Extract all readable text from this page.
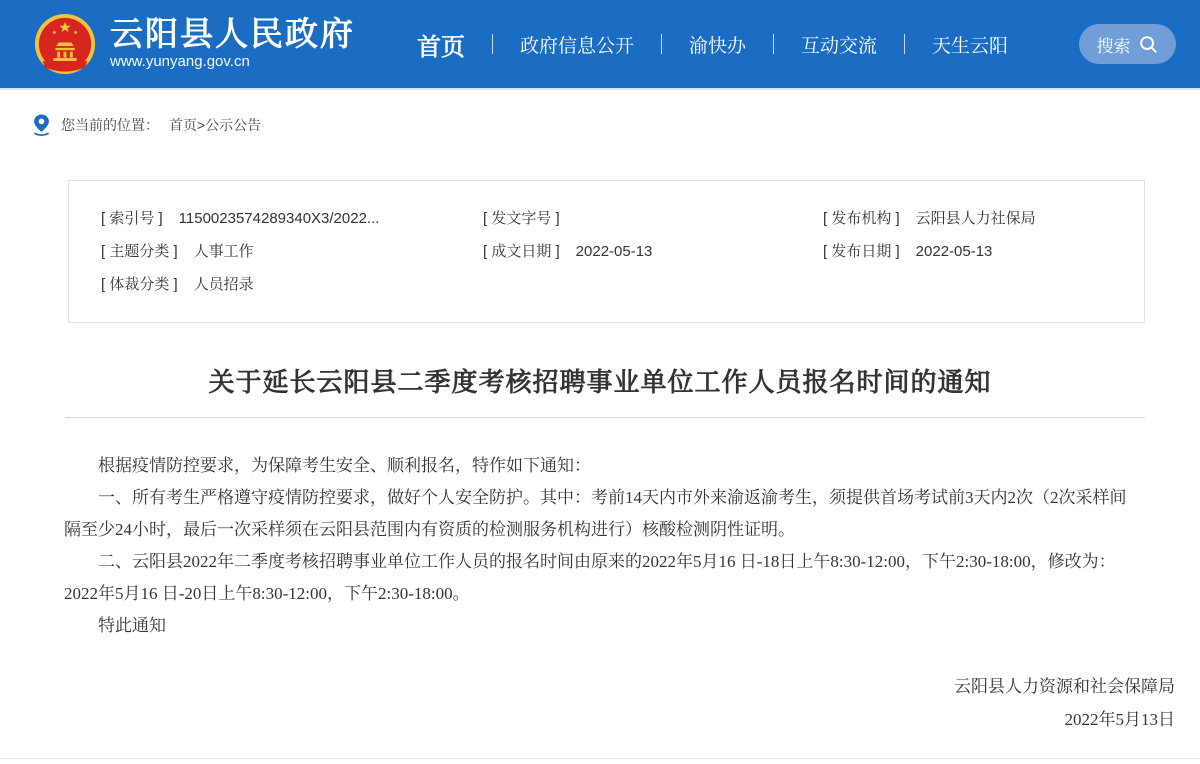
云阳县人民政府
www.yunyang.gov.cn
首页	政府信息公开	渝快办	互动交流	天生云阳	搜索
您当前的位置： 首页>公示公告
[ 索引号 ] 1150023574289340X3/2022...	[ 发文字号 ]	[ 发布机构 ] 云阳县人力社保局
[ 主题分类 ] 人事工作	[ 成文日期 ] 2022-05-13	[ 发布日期 ] 2022-05-13
[ 体裁分类 ] 人员招录
关于延长云阳县二季度考核招聘事业单位工作人员报名时间的通知

根据疫情防控要求，为保障考生安全、顺利报名，特作如下通知：

一、所有考生严格遵守疫情防控要求，做好个人安全防护。其中：考前14天内市外来渝返渝考生，须提供首场考试前3天内2次（2次采样间隔至少24小时，最后一次采样须在云阳县范围内有资质的检测服务机构进行）核酸检测阴性证明。

二、云阳县2022年二季度考核招聘事业单位工作人员的报名时间由原来的2022年5月16 日-18日上午8:30-12:00，下午2:30-18:00，修改为：2022年5月16 日-20日上午8:30-12:00，下午2:30-18:00。

特此通知

云阳县人力资源和社会保障局
2022年5月13日
